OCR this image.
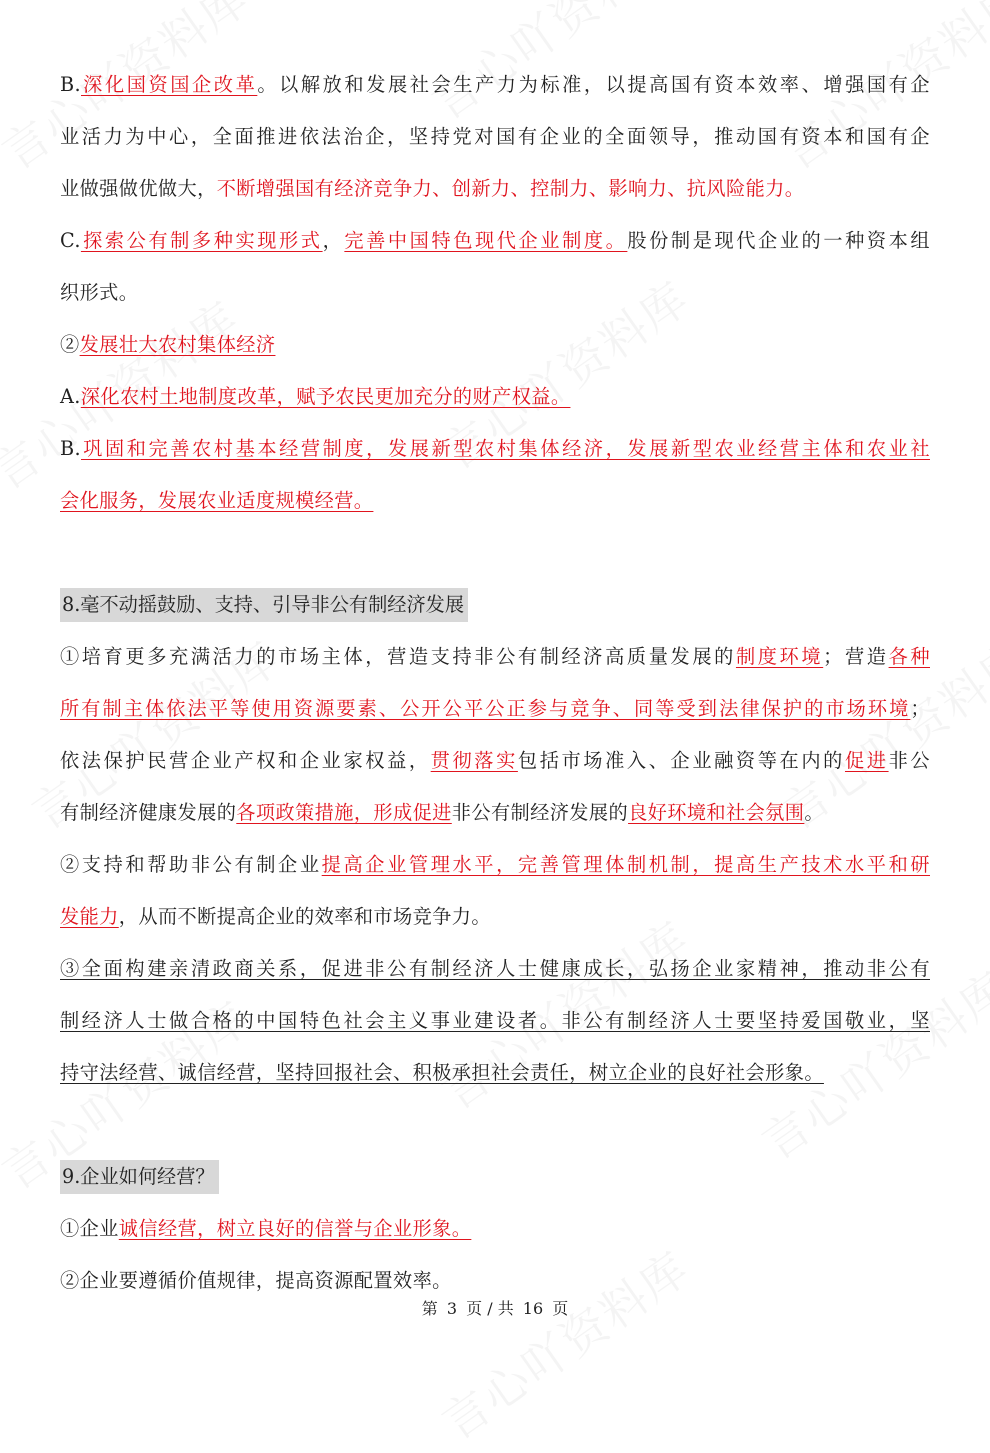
B.深化国资国企改革。以解放和发展社会生产力为标准，以提高国有资本效率、增强国有企
业活力为中心，全面推进依法治企，坚持党对国有企业的全面领导，推动国有资本和国有企
业做强做优做大，不断增强国有经济竞争力、创新力、控制力、影响力、抗风险能力。
C.探索公有制多种实现形式，完善中国特色现代企业制度。股份制是现代企业的一种资本组
织形式。
②发展壮大农村集体经济
A.深化农村土地制度改革，赋予农民更加充分的财产权益。
B.巩固和完善农村基本经营制度，发展新型农村集体经济，发展新型农业经营主体和农业社
会化服务，发展农业适度规模经营。
8.毫不动摇鼓励、支持、引导非公有制经济发展
①培育更多充满活力的市场主体，营造支持非公有制经济高质量发展的制度环境；营造各种
所有制主体依法平等使用资源要素、公开公平公正参与竞争、同等受到法律保护的市场环境；
依法保护民营企业产权和企业家权益，贯彻落实包括市场准入、企业融资等在内的促进非公
有制经济健康发展的各项政策措施，形成促进非公有制经济发展的良好环境和社会氛围。
②支持和帮助非公有制企业提高企业管理水平，完善管理体制机制，提高生产技术水平和研
发能力，从而不断提高企业的效率和市场竞争力。
③全面构建亲清政商关系，促进非公有制经济人士健康成长，弘扬企业家精神，推动非公有
制经济人士做合格的中国特色社会主义事业建设者。非公有制经济人士要坚持爱国敬业，坚
持守法经营、诚信经营，坚持回报社会、积极承担社会责任，树立企业的良好社会形象。
9.企业如何经营？
①企业诚信经营，树立良好的信誉与企业形象。
②企业要遵循价值规律，提高资源配置效率。
第 3 页 / 共 16 页
